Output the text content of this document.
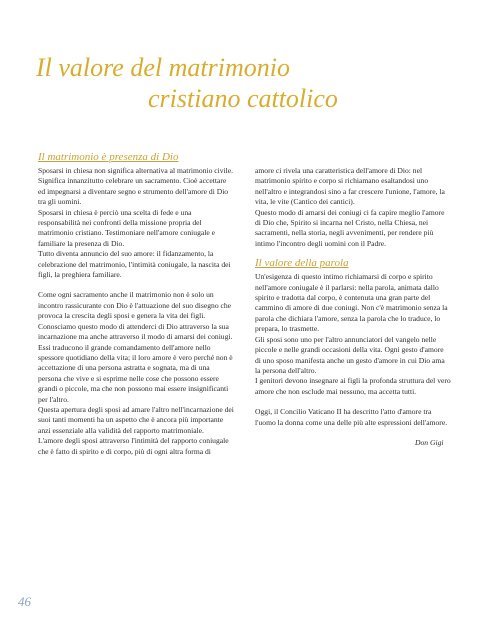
Il valore del matrimonio
cristiano cattolico
Il matrimonio è presenza di Dio

Sposarsi in chiesa non significa alternativa al matrimonio civile. Significa innanzitutto celebrare un sacramento. Cioè accettare ed impegnarsi a diventare segno e strumento dell'amore di Dio tra gli uomini.

Sposarsi in chiesa è perciò una scelta di fede e una responsabilità nei confronti della missione propria del matrimonio cristiano. Testimoniare nell'amore coniugale e familiare la presenza di Dio.

Tutto diventa annuncio del suo amore: il fidanzamento, la celebrazione del matrimonio, l'intimità coniugale, la nascita dei figli, la preghiera familiare.

Come ogni sacramento anche il matrimonio non è solo un incontro rassicurante con Dio è l'attuazione del suo disegno che provoca la crescita degli sposi e genera la vita dei figli.

Conosciamo questo modo di attenderci di Dio attraverso la sua incarnazione ma anche attraverso il modo di amarsi dei coniugi. Essi traducono il grande comandamento dell'amore nello spessore quotidiano della vita; il loro amore è vero perché non è accettazione di una persona astratta e sognata, ma di una persona che vive e si esprime nelle cose che possono essere grandi o piccole, ma che non possono mai essere insignificanti per l'altro.

Questa apertura degli sposi ad amare l'altro nell'incarnazione dei suoi tanti momenti ha un aspetto che è ancora più importante anzi essenziale alla validità del rapporto matrimoniale.

L'amore degli sposi attraverso l'intimità del rapporto coniugale che è fatto di spirito e di corpo, più di ogni altra forma di

amore ci rivela una caratteristica dell'amore di Dio: nel matrimonio spirito e corpo si richiamano esaltandosi uno nell'altro e integrandosi sino a far crescere l'unione, l'amore, la vita, le vite (Cantico dei cantici).

Questo modo di amarsi dei coniugi ci fa capire meglio l'amore di Dio che, Spirito si incarna nel Cristo, nella Chiesa, nei sacramenti, nella storia, negli avvenimenti, per rendere più intimo l'incontro degli uomini con il Padre.

Il valore della parola

Un'esigenza di questo intimo richiamarsi di corpo e spirito nell'amore coniugale è il parlarsi: nella parola, animata dallo spirito e tradotta dal corpo, è contenuta una gran parte del cammino di amore di due coniugi. Non c'è matrimonio senza la parola che dichiara l'amore, senza la parola che lo traduce, lo prepara, lo trasmette.

Gli sposi sono uno per l'altro annunciatori del vangelo nelle piccole e nelle grandi occasioni della vita. Ogni gesto d'amore di uno sposo manifesta anche un gesto d'amore in cui Dio ama la persona dell'altro.

I genitori devono insegnare ai figli la profonda struttura del vero amore che non esclude mai nessuno, ma accetta tutti.

Oggi, il Concilio Vaticano II ha descritto l'atto d'amore tra l'uomo la donna come una delle più alte espressioni dell'amore.

Don Gigi
46
